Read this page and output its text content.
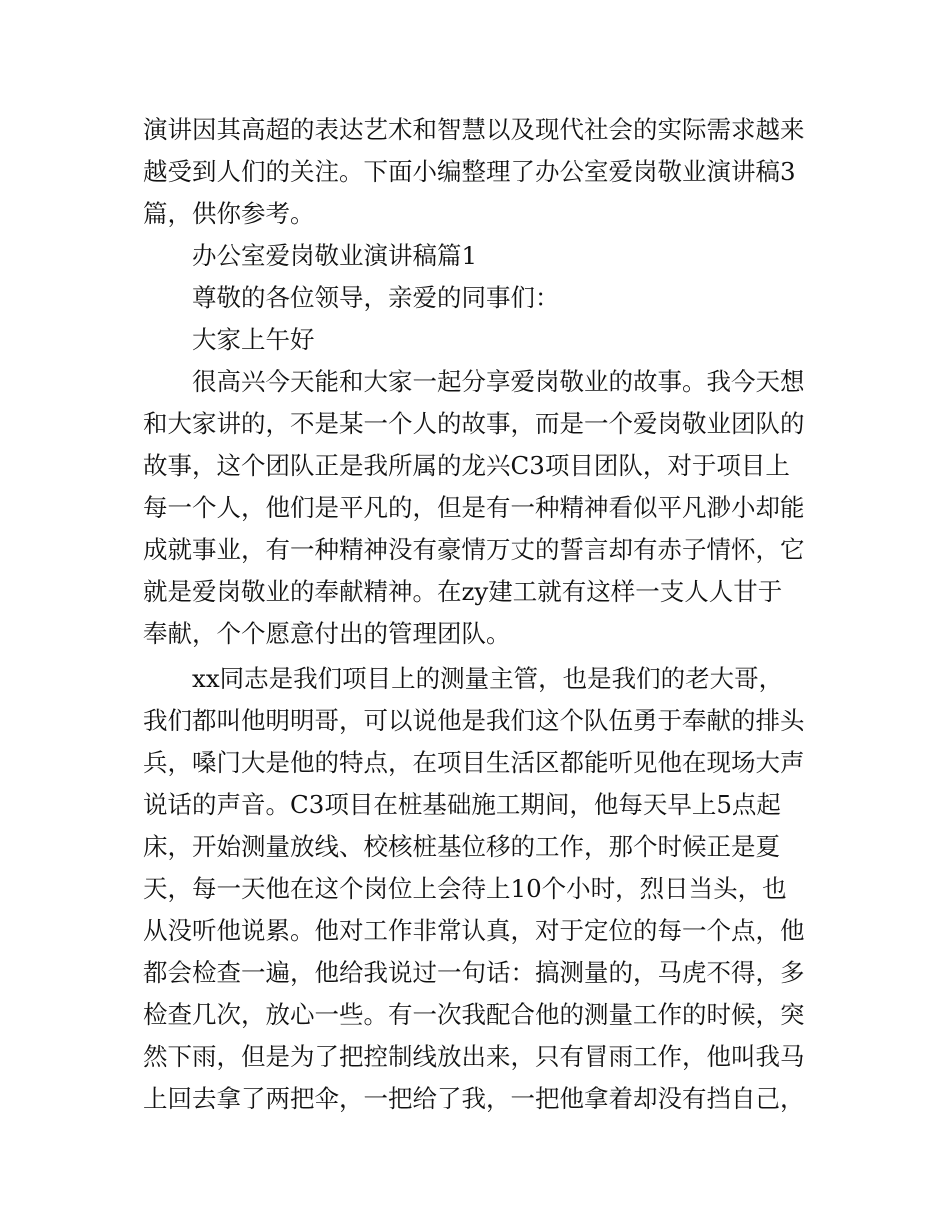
演讲因其高超的表达艺术和智慧以及现代社会的实际需求越来
越受到人们的关注。下面小编整理了办公室爱岗敬业演讲稿3
篇，供你参考。
办公室爱岗敬业演讲稿篇1
尊敬的各位领导，亲爱的同事们：
大家上午好
很高兴今天能和大家一起分享爱岗敬业的故事。我今天想
和大家讲的，不是某一个人的故事，而是一个爱岗敬业团队的
故事，这个团队正是我所属的龙兴C3项目团队，对于项目上
每一个人，他们是平凡的，但是有一种精神看似平凡渺小却能
成就事业，有一种精神没有豪情万丈的誓言却有赤子情怀，它
就是爱岗敬业的奉献精神。在zy建工就有这样一支人人甘于
奉献，个个愿意付出的管理团队。
xx同志是我们项目上的测量主管，也是我们的老大哥，
我们都叫他明明哥，可以说他是我们这个队伍勇于奉献的排头
兵，嗓门大是他的特点，在项目生活区都能听见他在现场大声
说话的声音。C3项目在桩基础施工期间，他每天早上5点起
床，开始测量放线、校核桩基位移的工作，那个时候正是夏
天，每一天他在这个岗位上会待上10个小时，烈日当头，也
从没听他说累。他对工作非常认真，对于定位的每一个点，他
都会检查一遍，他给我说过一句话：搞测量的，马虎不得，多
检查几次，放心一些。有一次我配合他的测量工作的时候，突
然下雨，但是为了把控制线放出来，只有冒雨工作，他叫我马
上回去拿了两把伞，一把给了我，一把他拿着却没有挡自己，
